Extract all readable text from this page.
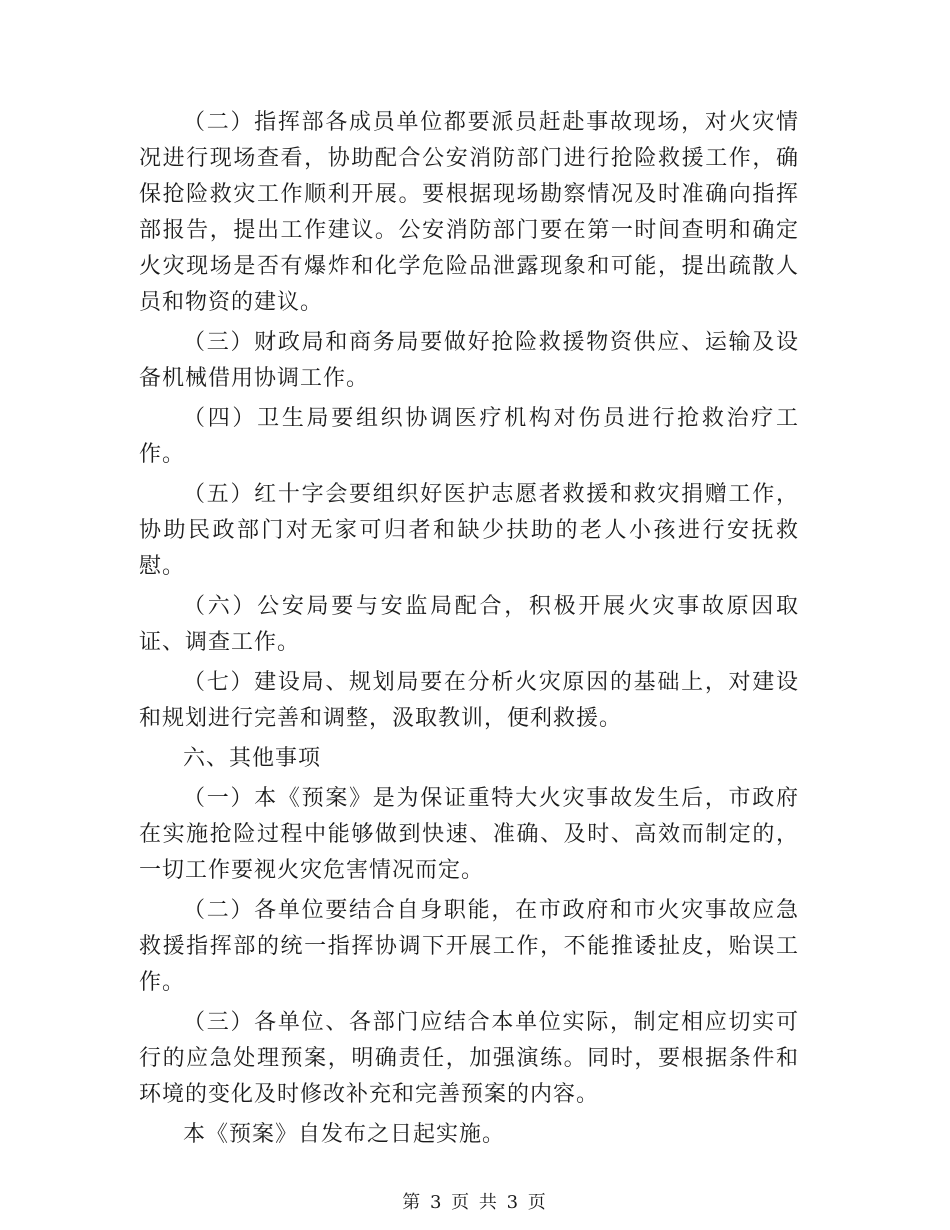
（二）指挥部各成员单位都要派员赶赴事故现场，对火灾情况进行现场查看，协助配合公安消防部门进行抢险救援工作，确保抢险救灾工作顺利开展。要根据现场勘察情况及时准确向指挥部报告，提出工作建议。公安消防部门要在第一时间查明和确定火灾现场是否有爆炸和化学危险品泄露现象和可能，提出疏散人员和物资的建议。

（三）财政局和商务局要做好抢险救援物资供应、运输及设备机械借用协调工作。

（四）卫生局要组织协调医疗机构对伤员进行抢救治疗工作。

（五）红十字会要组织好医护志愿者救援和救灾捐赠工作，协助民政部门对无家可归者和缺少扶助的老人小孩进行安抚救慰。

（六）公安局要与安监局配合，积极开展火灾事故原因取证、调查工作。

（七）建设局、规划局要在分析火灾原因的基础上，对建设和规划进行完善和调整，汲取教训，便利救援。

六、其他事项

（一）本《预案》是为保证重特大火灾事故发生后，市政府在实施抢险过程中能够做到快速、准确、及时、高效而制定的，一切工作要视火灾危害情况而定。

（二）各单位要结合自身职能，在市政府和市火灾事故应急救援指挥部的统一指挥协调下开展工作，不能推诿扯皮，贻误工作。

（三）各单位、各部门应结合本单位实际，制定相应切实可行的应急处理预案，明确责任，加强演练。同时，要根据条件和环境的变化及时修改补充和完善预案的内容。

本《预案》自发布之日起实施。

第 3 页 共 3 页
